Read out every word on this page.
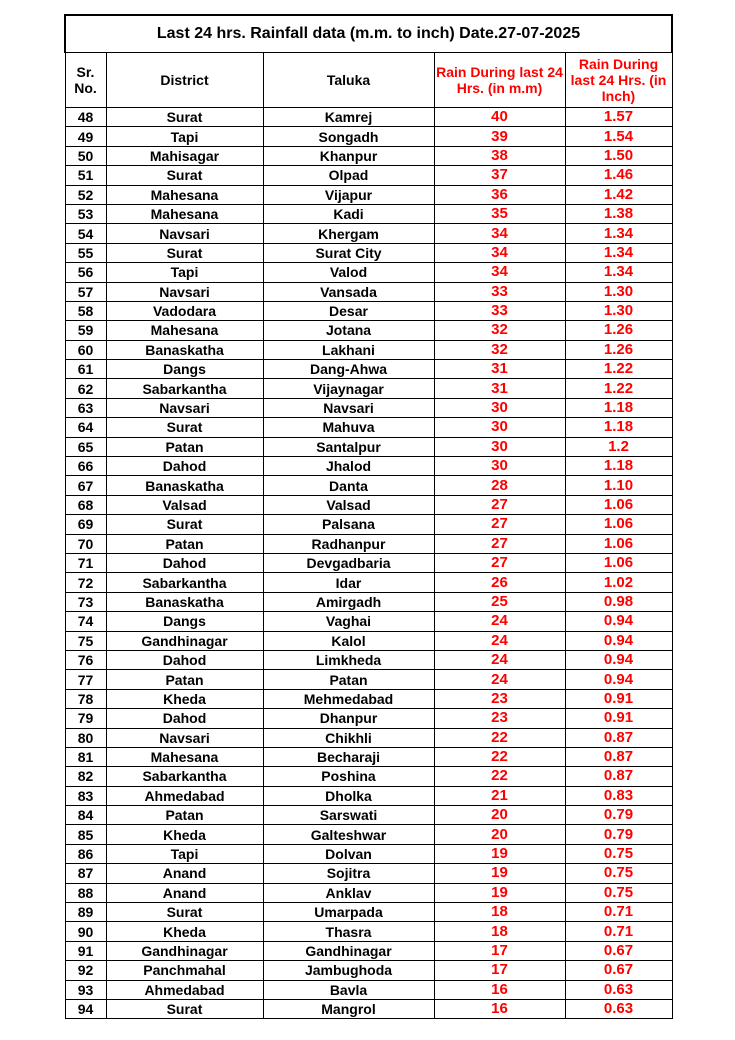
Last 24 hrs. Rainfall data (m.m. to inch) Date.27-07-2025				
Sr. No.	District	Taluka	Rain During last 24 Hrs. (in m.m)	Rain During last 24 Hrs. (in Inch)
48	Surat	Kamrej	40	1.57
49	Tapi	Songadh	39	1.54
50	Mahisagar	Khanpur	38	1.50
51	Surat	Olpad	37	1.46
52	Mahesana	Vijapur	36	1.42
53	Mahesana	Kadi	35	1.38
54	Navsari	Khergam	34	1.34
55	Surat	Surat City	34	1.34
56	Tapi	Valod	34	1.34
57	Navsari	Vansada	33	1.30
58	Vadodara	Desar	33	1.30
59	Mahesana	Jotana	32	1.26
60	Banaskatha	Lakhani	32	1.26
61	Dangs	Dang-Ahwa	31	1.22
62	Sabarkantha	Vijaynagar	31	1.22
63	Navsari	Navsari	30	1.18
64	Surat	Mahuva	30	1.18
65	Patan	Santalpur	30	1.2
66	Dahod	Jhalod	30	1.18
67	Banaskatha	Danta	28	1.10
68	Valsad	Valsad	27	1.06
69	Surat	Palsana	27	1.06
70	Patan	Radhanpur	27	1.06
71	Dahod	Devgadbaria	27	1.06
72	Sabarkantha	Idar	26	1.02
73	Banaskatha	Amirgadh	25	0.98
74	Dangs	Vaghai	24	0.94
75	Gandhinagar	Kalol	24	0.94
76	Dahod	Limkheda	24	0.94
77	Patan	Patan	24	0.94
78	Kheda	Mehmedabad	23	0.91
79	Dahod	Dhanpur	23	0.91
80	Navsari	Chikhli	22	0.87
81	Mahesana	Becharaji	22	0.87
82	Sabarkantha	Poshina	22	0.87
83	Ahmedabad	Dholka	21	0.83
84	Patan	Sarswati	20	0.79
85	Kheda	Galteshwar	20	0.79
86	Tapi	Dolvan	19	0.75
87	Anand	Sojitra	19	0.75
88	Anand	Anklav	19	0.75
89	Surat	Umarpada	18	0.71
90	Kheda	Thasra	18	0.71
91	Gandhinagar	Gandhinagar	17	0.67
92	Panchmahal	Jambughoda	17	0.67
93	Ahmedabad	Bavla	16	0.63
94	Surat	Mangrol	16	0.63
